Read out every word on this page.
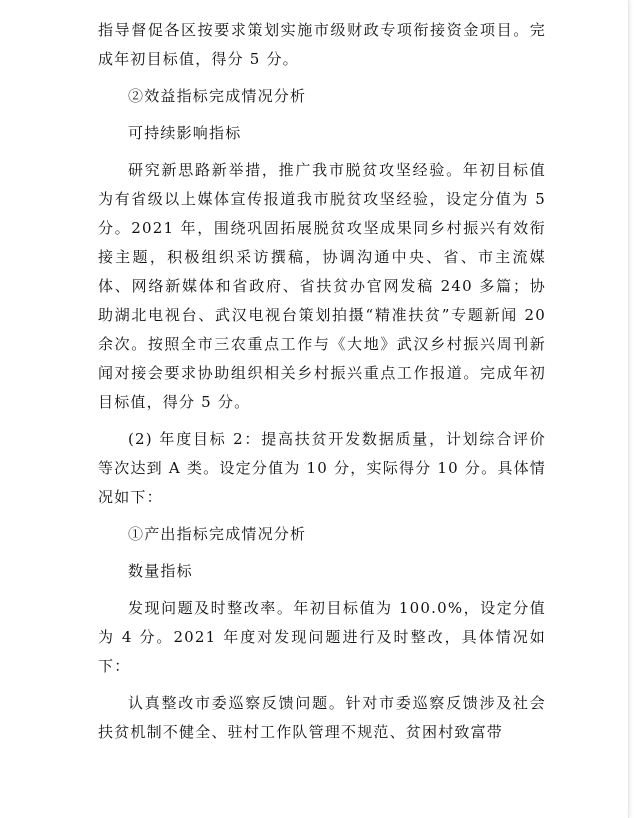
指导督促各区按要求策划实施市级财政专项衔接资金项目。完成年初目标值，得分 5 分。

②效益指标完成情况分析

可持续影响指标

研究新思路新举措，推广我市脱贫攻坚经验。年初目标值为有省级以上媒体宣传报道我市脱贫攻坚经验，设定分值为 5 分。2021 年，围绕巩固拓展脱贫攻坚成果同乡村振兴有效衔接主题，积极组织采访撰稿，协调沟通中央、省、市主流媒体、网络新媒体和省政府、省扶贫办官网发稿 240 多篇；协助湖北电视台、武汉电视台策划拍摄“精准扶贫”专题新闻 20 余次。按照全市三农重点工作与《大地》武汉乡村振兴周刊新闻对接会要求协助组织相关乡村振兴重点工作报道。完成年初目标值，得分 5 分。

(2) 年度目标 2：提高扶贫开发数据质量，计划综合评价等次达到 A 类。设定分值为 10 分，实际得分 10 分。具体情况如下：

①产出指标完成情况分析

数量指标

发现问题及时整改率。年初目标值为 100.0%，设定分值为 4 分。2021 年度对发现问题进行及时整改，具体情况如下：

认真整改市委巡察反馈问题。针对市委巡察反馈涉及社会扶贫机制不健全、驻村工作队管理不规范、贫困村致富带
